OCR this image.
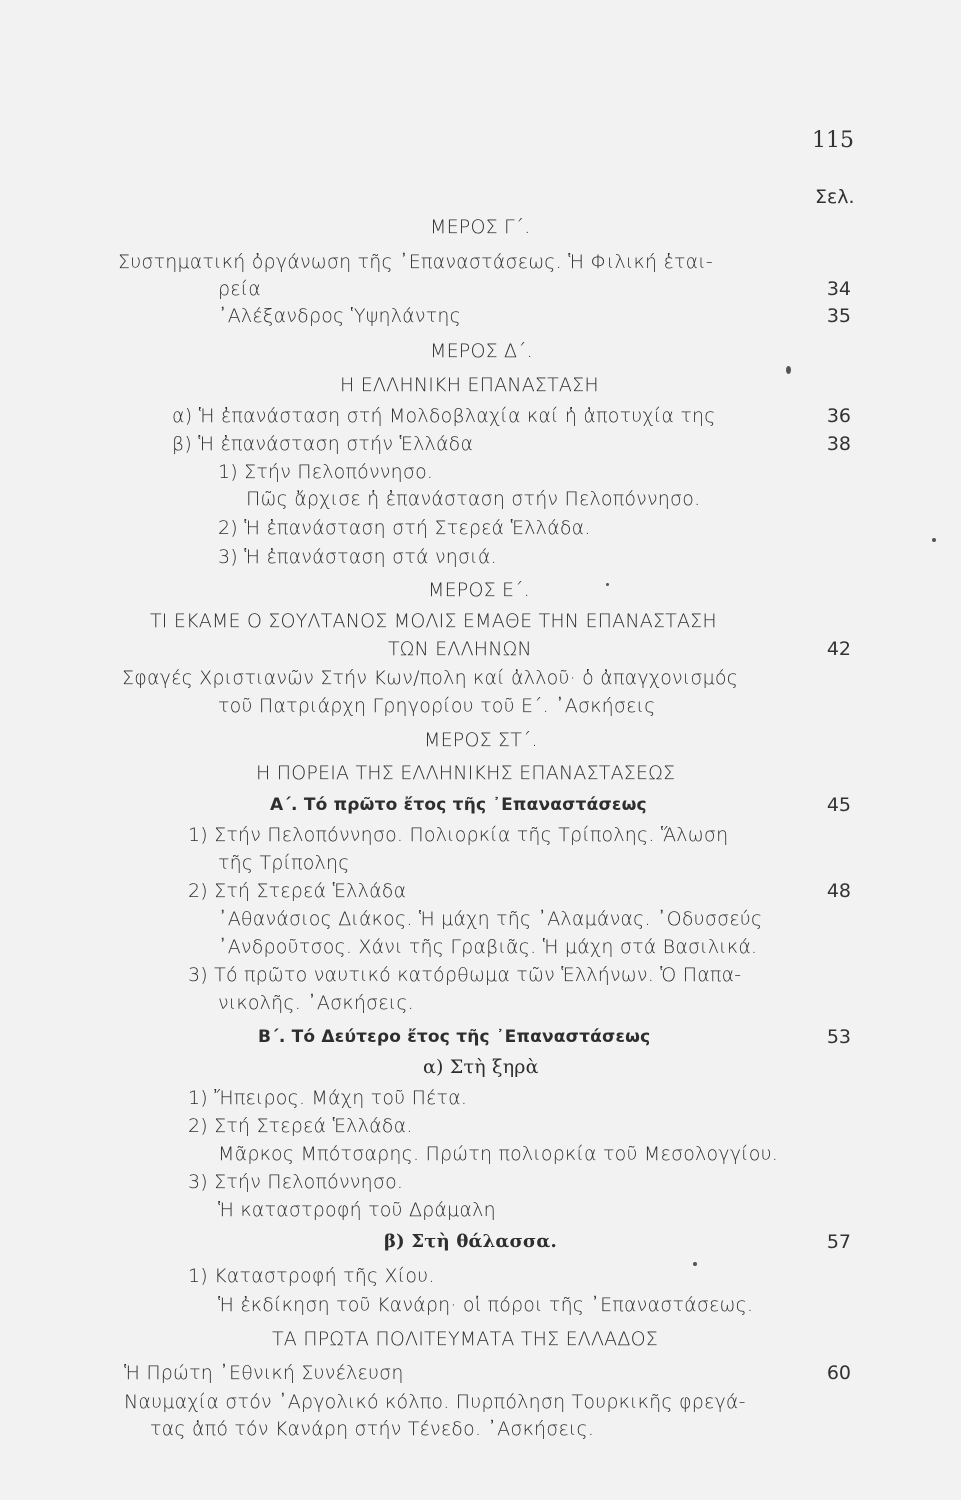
115
Σελ.
ΜΕΡΟΣ Γ΄.
Συστηματική ὀργάνωση τῆς ᾿Επαναστάσεως. Ἡ Φιλική ἑται-
ρεία	34
᾿Αλέξανδρος Ὑψηλάντης	35
ΜΕΡΟΣ Δ΄.
Η ΕΛΛΗΝΙΚΗ ΕΠΑΝΑΣΤΑΣΗ
α) Ἡ ἐπανάσταση στή Μολδοβλαχία καί ἡ ἀποτυχία της	36
β) Ἡ ἐπανάσταση στήν Ἑλλάδα	38
1) Στήν Πελοπόννησο.
Πῶς ἄρχισε ἡ ἐπανάσταση στήν Πελοπόννησο.
2) Ἡ ἐπανάσταση στή Στερεά Ἑλλάδα.
3) Ἡ ἐπανάσταση στά νησιά.
ΜΕΡΟΣ Ε΄.
ΤΙ ΕΚΑΜΕ Ο ΣΟΥΛΤΑΝΟΣ ΜΟΛΙΣ ΕΜΑΘΕ ΤΗΝ ΕΠΑΝΑΣΤΑΣΗ
ΤΩΝ ΕΛΛΗΝΩΝ	42
Σφαγές Χριστιανῶν Στήν Κων/πολη καί ἀλλοῦ· ὁ ἀπαγχονισμός
τοῦ Πατριάρχη Γρηγορίου τοῦ Ε΄. ᾿Ασκήσεις
ΜΕΡΟΣ ΣΤ΄.
Η ΠΟΡΕΙΑ ΤΗΣ ΕΛΛΗΝΙΚΗΣ ΕΠΑΝΑΣΤΑΣΕΩΣ
Α΄. Τό πρῶτο ἔτος τῆς ᾿Επαναστάσεως	45
1) Στήν Πελοπόννησο. Πολιορκία τῆς Τρίπολης. Ἅλωση
τῆς Τρίπολης
2) Στή Στερεά Ἑλλάδα	48
᾿Αθανάσιος Διάκος. Ἡ μάχη τῆς ᾿Αλαμάνας. ᾿Οδυσσεύς
᾿Ανδροῦτσος. Χάνι τῆς Γραβιᾶς. Ἡ μάχη στά Βασιλικά.
3) Τό πρῶτο ναυτικό κατόρθωμα τῶν Ἑλλήνων. Ὁ Παπα-
νικολῆς. ᾿Ασκήσεις.
Β΄. Τό Δεύτερο ἔτος τῆς ᾿Επαναστάσεως	53
α) Στὴ ξηρὰ
1) Ἤπειρος. Μάχη τοῦ Πέτα.
2) Στή Στερεά Ἑλλάδα.
Μᾶρκος Μπότσαρης. Πρώτη πολιορκία τοῦ Μεσολογγίου.
3) Στήν Πελοπόννησο.
Ἡ καταστροφή τοῦ Δράμαλη
β) Στὴ θάλασσα.	57
1) Καταστροφή τῆς Χίου.
Ἡ ἐκδίκηση τοῦ Κανάρη· οἱ πόροι τῆς ᾿Επαναστάσεως.
ΤΑ ΠΡΩΤΑ ΠΟΛΙΤΕΥΜΑΤΑ ΤΗΣ ΕΛΛΑΔΟΣ
Ἡ Πρώτη ᾿Εθνική Συνέλευση	60
Ναυμαχία στόν ᾿Αργολικό κόλπο. Πυρπόληση Τουρκικῆς φρεγά-
τας ἀπό τόν Κανάρη στήν Τένεδο. ᾿Ασκήσεις.
